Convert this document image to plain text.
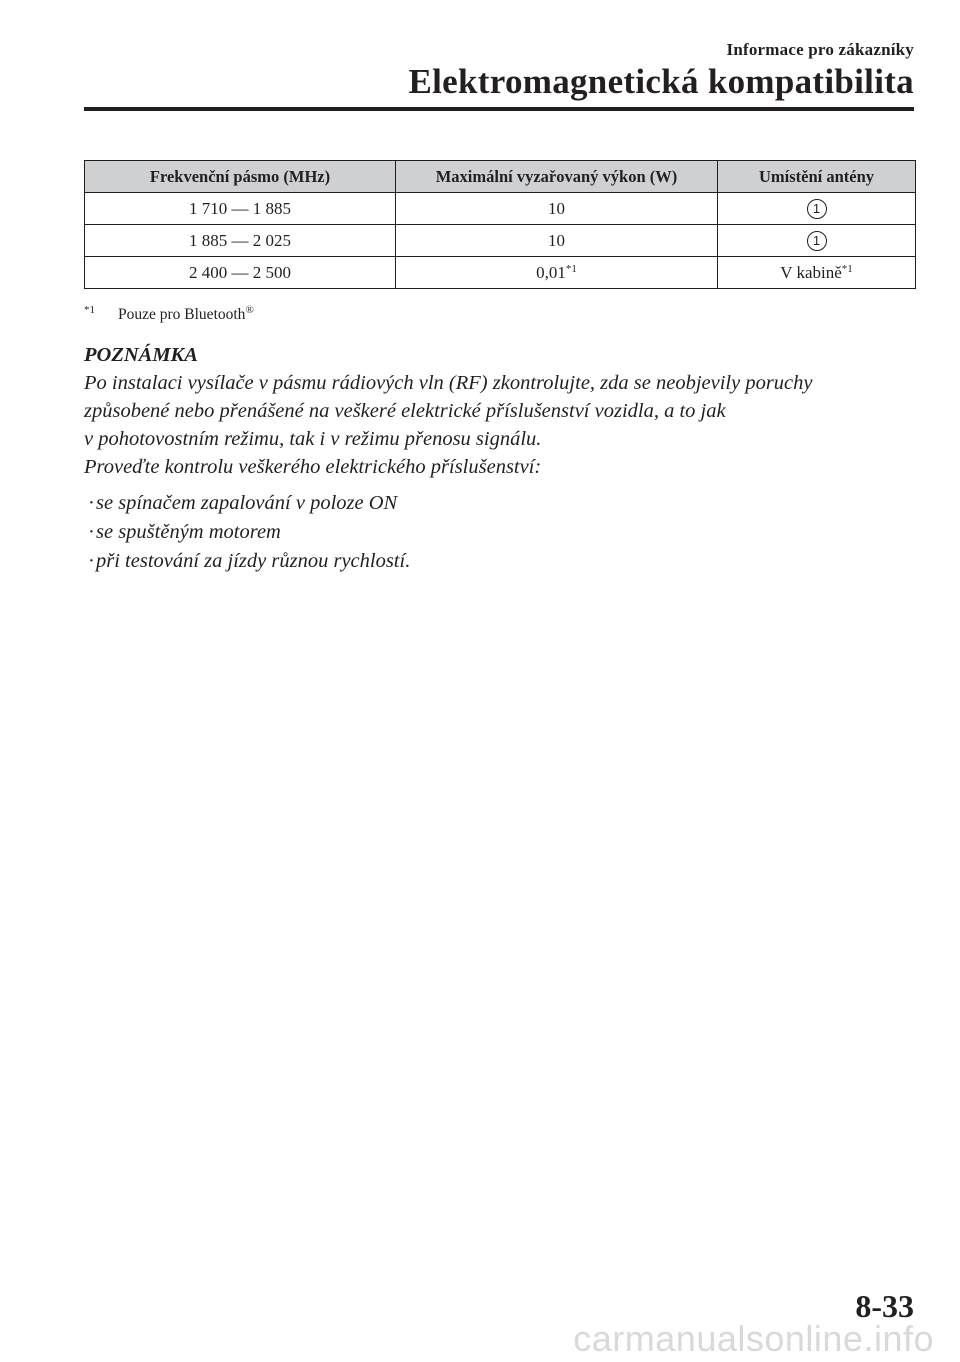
Informace pro zákazníky
Elektromagnetická kompatibilita
Frekvenční pásmo (MHz)	Maximální vyzařovaný výkon (W)	Umístění antény
1 710 — 1 885	10	1
1 885 — 2 025	10	1
2 400 — 2 500	0,01$^{*1}$	V kabině$^{*1}$
$^{*1}$ Pouze pro Bluetooth®
POZNÁMKA

Po instalaci vysílače v pásmu rádiových vln (RF) zkontrolujte, zda se neobjevily poruchy

způsobené nebo přenášené na veškeré elektrické příslušenství vozidla, a to jak

v pohotovostním režimu, tak i v režimu přenosu signálu.

Proveďte kontrolu veškerého elektrického příslušenství:

· se spínačem zapalování v poloze ON
· se spuštěným motorem
· při testování za jízdy různou rychlostí.
8-33
carmanualsonline.info
